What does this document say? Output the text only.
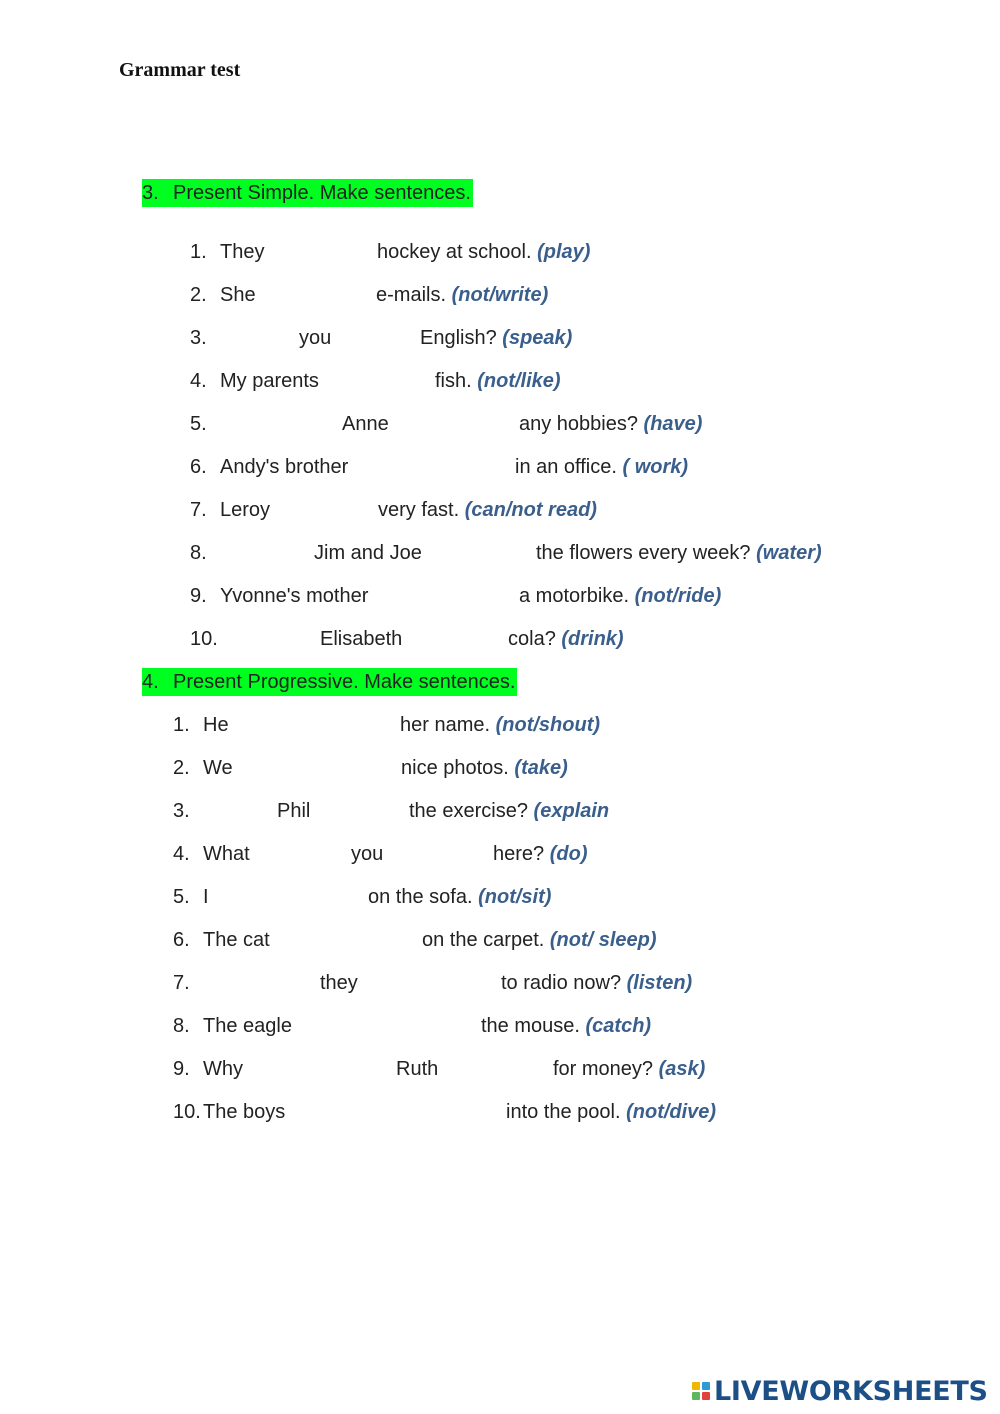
Grammar test
3. Present Simple. Make sentences.
1. They	hockey at school. (play)
2. She	e-mails. (not/write)
3.	you	English? (speak)
4. My parents	fish. (not/like)
5.	Anne	any hobbies? (have)
6. Andy's brother	in an office. ( work)
7. Leroy	very fast. (can/not read)
8.	Jim and Joe	the flowers every week? (water)
9. Yvonne's mother	a motorbike. (not/ride)
10.	Elisabeth	cola? (drink)
4. Present Progressive. Make sentences.
1. He	her name. (not/shout)
2. We	nice photos. (take)
3.	Phil	the exercise? (explain
4. What	you	here? (do)
5. I	on the sofa. (not/sit)
6. The cat	on the carpet. (not/ sleep)
7.	they	to radio now? (listen)
8. The eagle	the mouse. (catch)
9. Why	Ruth	for money? (ask)
10. The boys	into the pool. (not/dive)
LIVEWORKSHEETS
